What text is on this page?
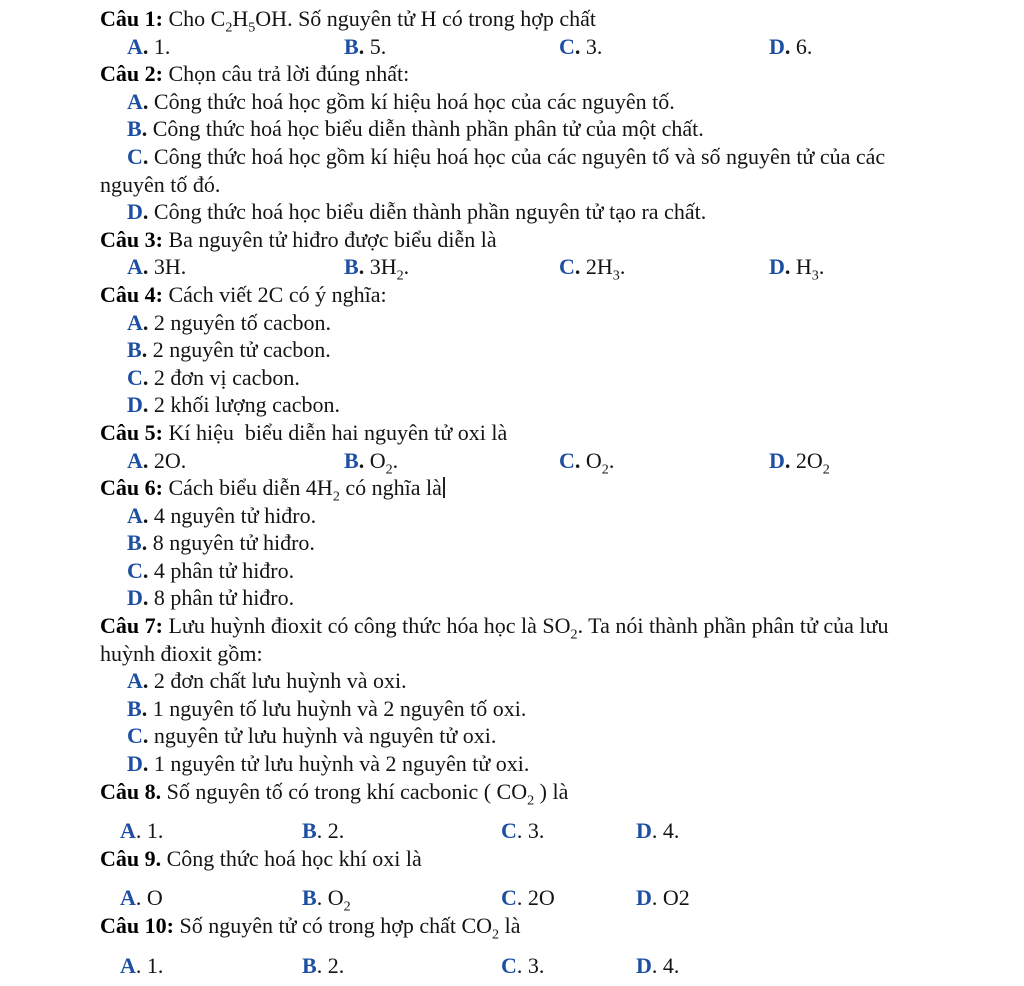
Câu 1: Cho $C_2H_5OH$. Số nguyên tử H có trong hợp chất

A. 1.	B. 5.	C. 3.	D. 6.

Câu 2: Chọn câu trả lời đúng nhất:

A. Công thức hoá học gồm kí hiệu hoá học của các nguyên tố.

B. Công thức hoá học biểu diễn thành phần phân tử của một chất.

C. Công thức hoá học gồm kí hiệu hoá học của các nguyên tố và số nguyên tử của các nguyên tố đó.

D. Công thức hoá học biểu diễn thành phần nguyên tử tạo ra chất.

Câu 3: Ba nguyên tử hiđro được biểu diễn là

A. 3H.	B. $3H_2$.	C. $2H_3$.	D. $H_3$.

Câu 4: Cách viết 2C có ý nghĩa:

A. 2 nguyên tố cacbon.

B. 2 nguyên tử cacbon.

C. 2 đơn vị cacbon.

D. 2 khối lượng cacbon.

Câu 5: Kí hiệu  biểu diễn hai nguyên tử oxi là

A. 2O.	B. $O_2$.	C. $O_2$.	D. $2O_2$

Câu 6: Cách biểu diễn $4H_2$ có nghĩa là

A. 4 nguyên tử hiđro.

B. 8 nguyên tử hiđro.

C. 4 phân tử hiđro.

D. 8 phân tử hiđro.

Câu 7: Lưu huỳnh đioxit có công thức hóa học là $SO_2$. Ta nói thành phần phân tử của lưu huỳnh đioxit gồm:

A. 2 đơn chất lưu huỳnh và oxi.

B. 1 nguyên tố lưu huỳnh và 2 nguyên tố oxi.

C. nguyên tử lưu huỳnh và nguyên tử oxi.

D. 1 nguyên tử lưu huỳnh và 2 nguyên tử oxi.

Câu 8. Số nguyên tố có trong khí cacbonic ( $CO_2$ ) là

A. 1.	B. 2.	C. 3.	D. 4.

Câu 9. Công thức hoá học khí oxi là

A. O	B. $O_2$	C. 2O	D. O2

Câu 10: Số nguyên tử có trong hợp chất $CO_2$ là

A. 1.	B. 2.	C. 3.	D. 4.
